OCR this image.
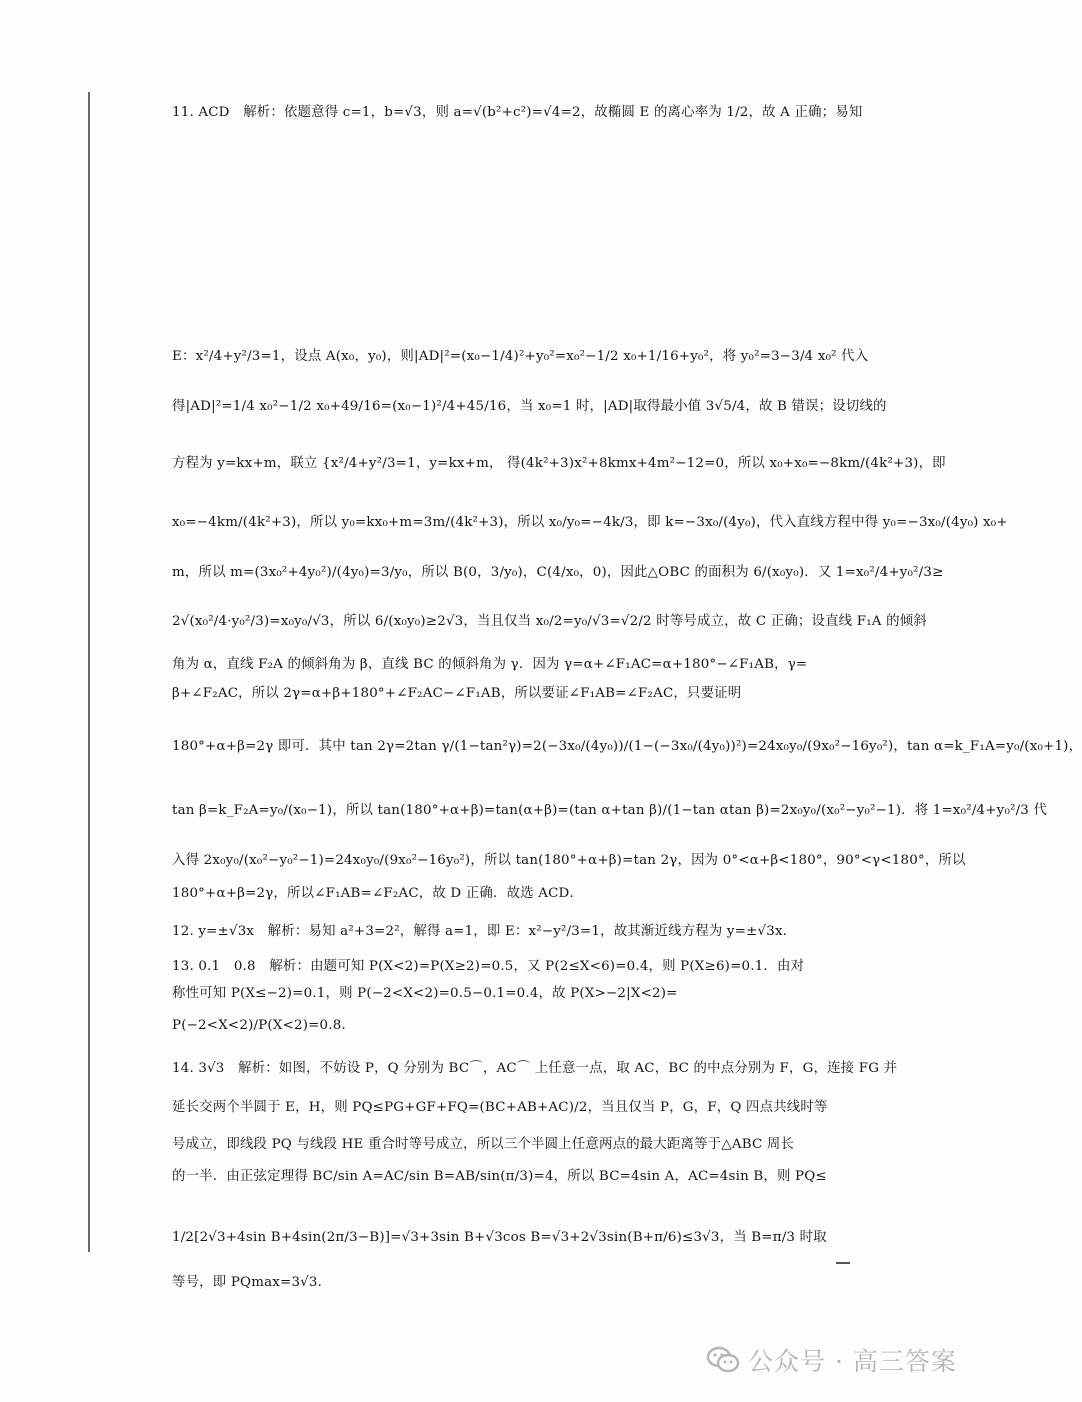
11. ACD　解析：依题意得 c=1，b=√3，则 a=√(b²+c²)=√4=2，故椭圆 E 的离心率为 1/2，故 A 正确；易知
E：x²/4+y²/3=1，设点 A(x₀，y₀)，则|AD|²=(x₀−1/4)²+y₀²=x₀²−1/2 x₀+1/16+y₀²，将 y₀²=3−3/4 x₀² 代入
得|AD|²=1/4 x₀²−1/2 x₀+49/16=(x₀−1)²/4+45/16，当 x₀=1 时，|AD|取得最小值 3√5/4，故 B 错误；设切线的
方程为 y=kx+m，联立 {x²/4+y²/3=1，y=kx+m， 得(4k²+3)x²+8kmx+4m²−12=0，所以 x₀+x₀=−8km/(4k²+3)，即
x₀=−4km/(4k²+3)，所以 y₀=kx₀+m=3m/(4k²+3)，所以 x₀/y₀=−4k/3，即 k=−3x₀/(4y₀)，代入直线方程中得 y₀=−3x₀/(4y₀) x₀+
m，所以 m=(3x₀²+4y₀²)/(4y₀)=3/y₀，所以 B(0，3/y₀)，C(4/x₀，0)，因此△OBC 的面积为 6/(x₀y₀)．又 1=x₀²/4+y₀²/3≥
2√(x₀²/4·y₀²/3)=x₀y₀/√3，所以 6/(x₀y₀)≥2√3，当且仅当 x₀/2=y₀/√3=√2/2 时等号成立，故 C 正确；设直线 F₁A 的倾斜
角为 α，直线 F₂A 的倾斜角为 β，直线 BC 的倾斜角为 γ．因为 γ=α+∠F₁AC=α+180°−∠F₁AB，γ=
β+∠F₂AC，所以 2γ=α+β+180°+∠F₂AC−∠F₁AB，所以要证∠F₁AB=∠F₂AC，只要证明
180°+α+β=2γ 即可．其中 tan 2γ=2tan γ/(1−tan²γ)=2(−3x₀/(4y₀))/(1−(−3x₀/(4y₀))²)=24x₀y₀/(9x₀²−16y₀²)，tan α=k_F₁A=y₀/(x₀+1)，
tan β=k_F₂A=y₀/(x₀−1)，所以 tan(180°+α+β)=tan(α+β)=(tan α+tan β)/(1−tan αtan β)=2x₀y₀/(x₀²−y₀²−1)．将 1=x₀²/4+y₀²/3 代
入得 2x₀y₀/(x₀²−y₀²−1)=24x₀y₀/(9x₀²−16y₀²)，所以 tan(180°+α+β)=tan 2γ，因为 0°<α+β<180°，90°<γ<180°，所以
180°+α+β=2γ，所以∠F₁AB=∠F₂AC，故 D 正确．故选 ACD．
12. y=±√3x　解析：易知 a²+3=2²，解得 a=1，即 E：x²−y²/3=1，故其渐近线方程为 y=±√3x．
13. 0.1　0.8　解析：由题可知 P(X<2)=P(X≥2)=0.5，又 P(2≤X<6)=0.4，则 P(X≥6)=0.1．由对
称性可知 P(X≤−2)=0.1，则 P(−2<X<2)=0.5−0.1=0.4，故 P(X>−2|X<2)=
P(−2<X<2)/P(X<2)=0.8．
14. 3√3　解析：如图，不妨设 P，Q 分别为 BC⌒，AC⌒ 上任意一点，取 AC，BC 的中点分别为 F，G，连接 FG 并
延长交两个半圆于 E，H，则 PQ≤PG+GF+FQ=(BC+AB+AC)/2，当且仅当 P，G，F，Q 四点共线时等
号成立，即线段 PQ 与线段 HE 重合时等号成立，所以三个半圆上任意两点的最大距离等于△ABC 周长
的一半．由正弦定理得 BC/sin A=AC/sin B=AB/sin(π/3)=4，所以 BC=4sin A，AC=4sin B，则 PQ≤
1/2[2√3+4sin B+4sin(2π/3−B)]=√3+3sin B+√3cos B=√3+2√3sin(B+π/6)≤3√3，当 B=π/3 时取
等号，即 PQmax=3√3．
公众号 · 高三答案
